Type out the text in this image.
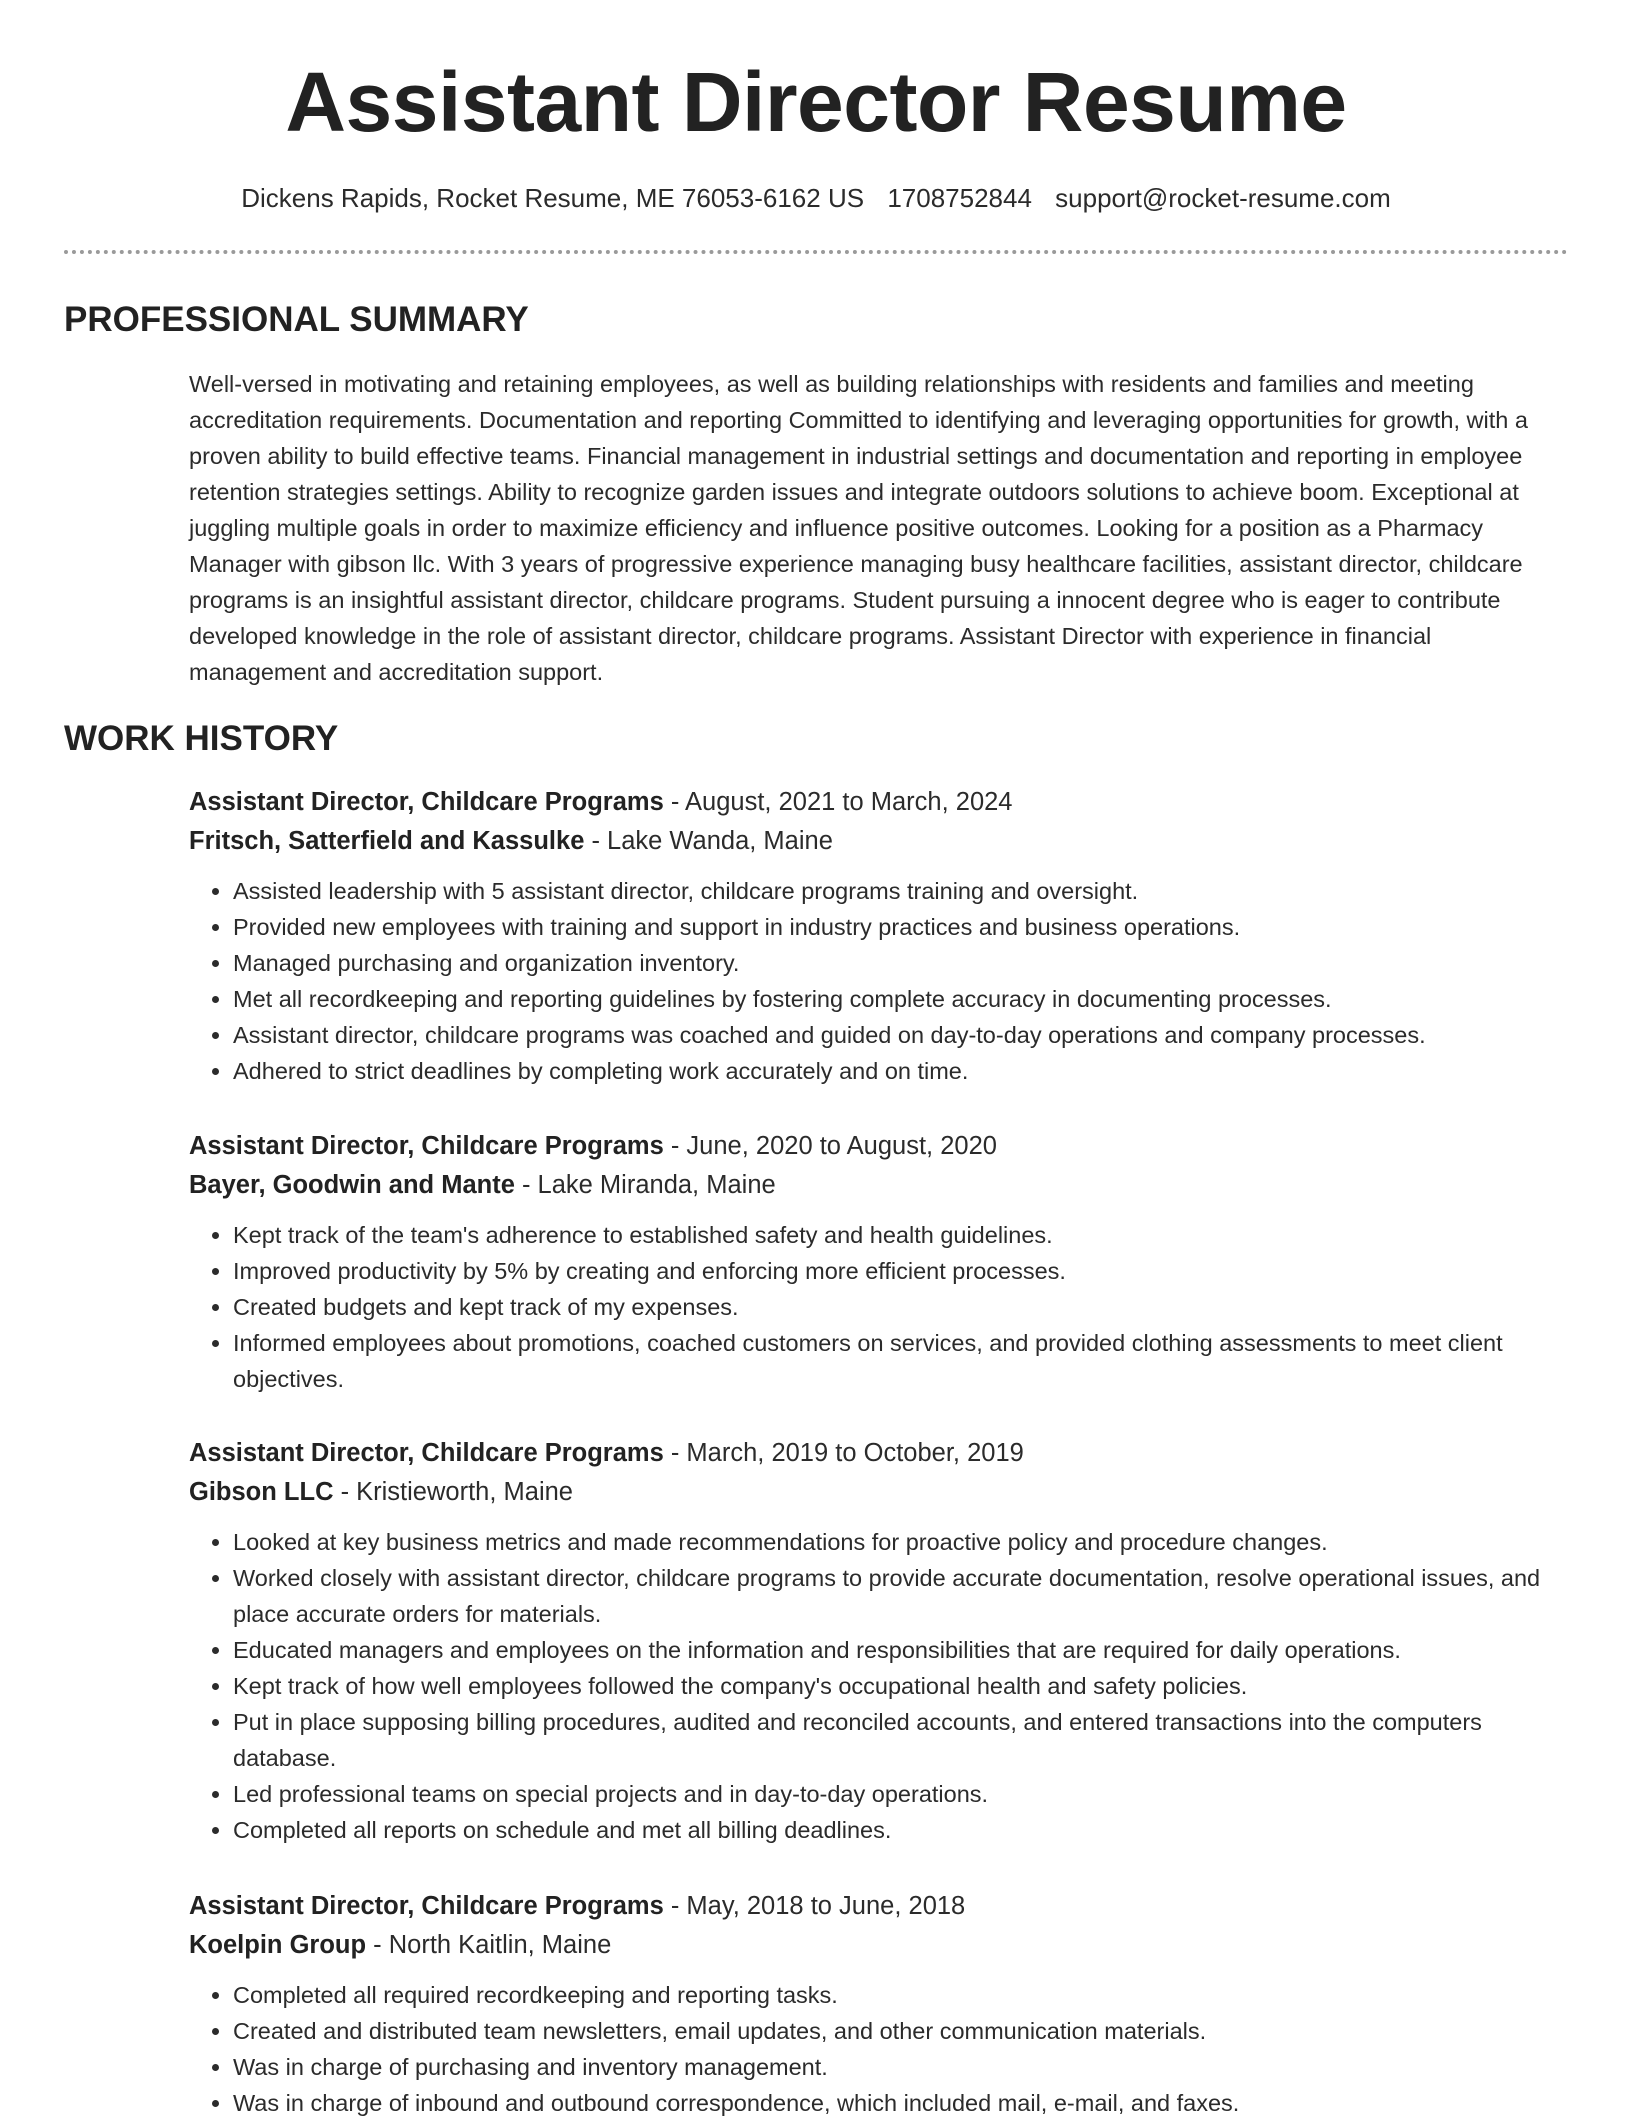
Assistant Director Resume
Dickens Rapids, Rocket Resume, ME 76053-6162 US 1708752844 support@rocket-resume.com
PROFESSIONAL SUMMARY

Well-versed in motivating and retaining employees, as well as building relationships with residents and families and meeting accreditation requirements. Documentation and reporting Committed to identifying and leveraging opportunities for growth, with a proven ability to build effective teams. Financial management in industrial settings and documentation and reporting in employee retention strategies settings. Ability to recognize garden issues and integrate outdoors solutions to achieve boom. Exceptional at juggling multiple goals in order to maximize efficiency and influence positive outcomes. Looking for a position as a Pharmacy Manager with gibson llc. With 3 years of progressive experience managing busy healthcare facilities, assistant director, childcare programs is an insightful assistant director, childcare programs. Student pursuing a innocent degree who is eager to contribute developed knowledge in the role of assistant director, childcare programs. Assistant Director with experience in financial management and accreditation support.

WORK HISTORY
Assistant Director, Childcare Programs - August, 2021 to March, 2024
Fritsch, Satterfield and Kassulke - Lake Wanda, Maine
• Assisted leadership with 5 assistant director, childcare programs training and oversight.
• Provided new employees with training and support in industry practices and business operations.
• Managed purchasing and organization inventory.
• Met all recordkeeping and reporting guidelines by fostering complete accuracy in documenting processes.
• Assistant director, childcare programs was coached and guided on day-to-day operations and company processes.
• Adhered to strict deadlines by completing work accurately and on time.
Assistant Director, Childcare Programs - June, 2020 to August, 2020
Bayer, Goodwin and Mante - Lake Miranda, Maine
• Kept track of the team's adherence to established safety and health guidelines.
• Improved productivity by 5% by creating and enforcing more efficient processes.
• Created budgets and kept track of my expenses.
• Informed employees about promotions, coached customers on services, and provided clothing assessments to meet client objectives.
Assistant Director, Childcare Programs - March, 2019 to October, 2019
Gibson LLC - Kristieworth, Maine
• Looked at key business metrics and made recommendations for proactive policy and procedure changes.
• Worked closely with assistant director, childcare programs to provide accurate documentation, resolve operational issues, and place accurate orders for materials.
• Educated managers and employees on the information and responsibilities that are required for daily operations.
• Kept track of how well employees followed the company's occupational health and safety policies.
• Put in place supposing billing procedures, audited and reconciled accounts, and entered transactions into the computers database.
• Led professional teams on special projects and in day-to-day operations.
• Completed all reports on schedule and met all billing deadlines.
Assistant Director, Childcare Programs - May, 2018 to June, 2018
Koelpin Group - North Kaitlin, Maine
• Completed all required recordkeeping and reporting tasks.
• Created and distributed team newsletters, email updates, and other communication materials.
• Was in charge of purchasing and inventory management.
• Was in charge of inbound and outbound correspondence, which included mail, e-mail, and faxes.
